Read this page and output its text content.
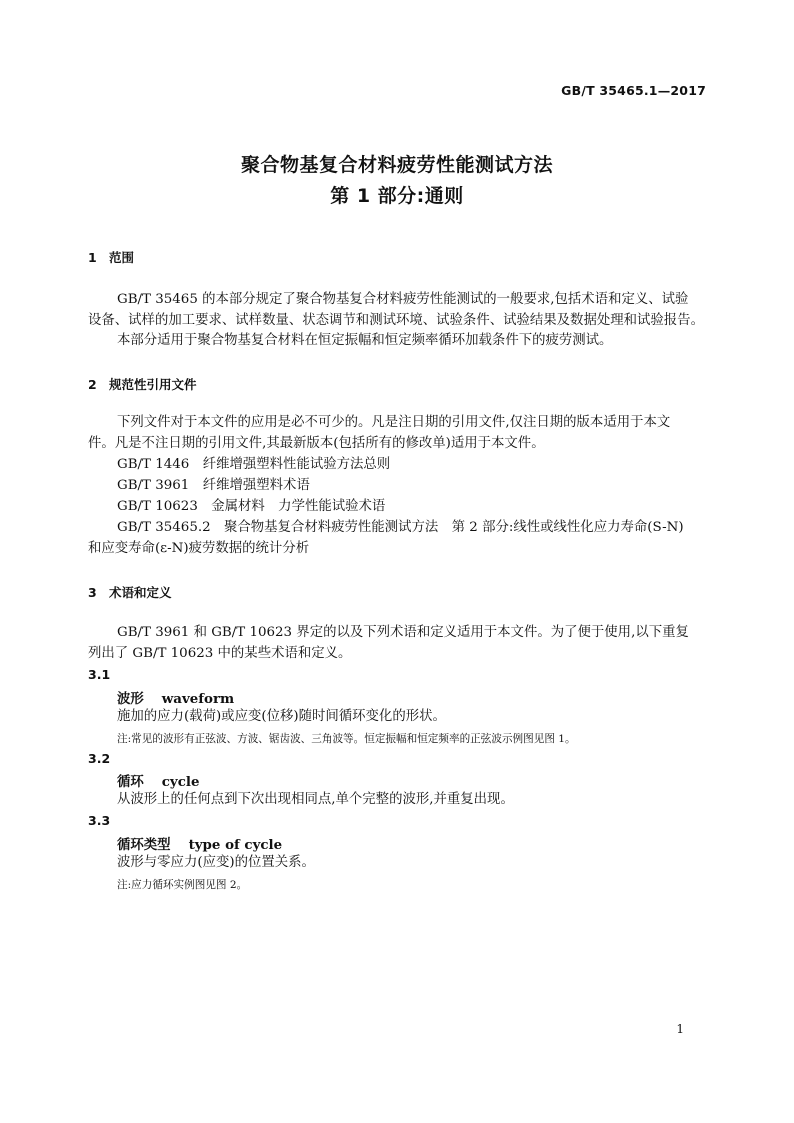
GB/T 35465.1—2017
聚合物基复合材料疲劳性能测试方法
第 1 部分:通则
1 范围
GB/T 35465 的本部分规定了聚合物基复合材料疲劳性能测试的一般要求,包括术语和定义、试验
设备、试样的加工要求、试样数量、状态调节和测试环境、试验条件、试验结果及数据处理和试验报告。
本部分适用于聚合物基复合材料在恒定振幅和恒定频率循环加载条件下的疲劳测试。
2 规范性引用文件
下列文件对于本文件的应用是必不可少的。凡是注日期的引用文件,仅注日期的版本适用于本文
件。凡是不注日期的引用文件,其最新版本(包括所有的修改单)适用于本文件。
GB/T 1446　纤维增强塑料性能试验方法总则
GB/T 3961　纤维增强塑料术语
GB/T 10623　金属材料　力学性能试验术语
GB/T 35465.2　聚合物基复合材料疲劳性能测试方法　第 2 部分:线性或线性化应力寿命(S-N)
和应变寿命(ε-N)疲劳数据的统计分析
3 术语和定义
GB/T 3961 和 GB/T 10623 界定的以及下列术语和定义适用于本文件。为了便于使用,以下重复
列出了 GB/T 10623 中的某些术语和定义。
3.1
波形 waveform
施加的应力(载荷)或应变(位移)随时间循环变化的形状。
注:常见的波形有正弦波、方波、锯齿波、三角波等。恒定振幅和恒定频率的正弦波示例图见图 1。
3.2
循环 cycle
从波形上的任何点到下次出现相同点,单个完整的波形,并重复出现。
3.3
循环类型 type of cycle
波形与零应力(应变)的位置关系。
注:应力循环实例图见图 2。
1
